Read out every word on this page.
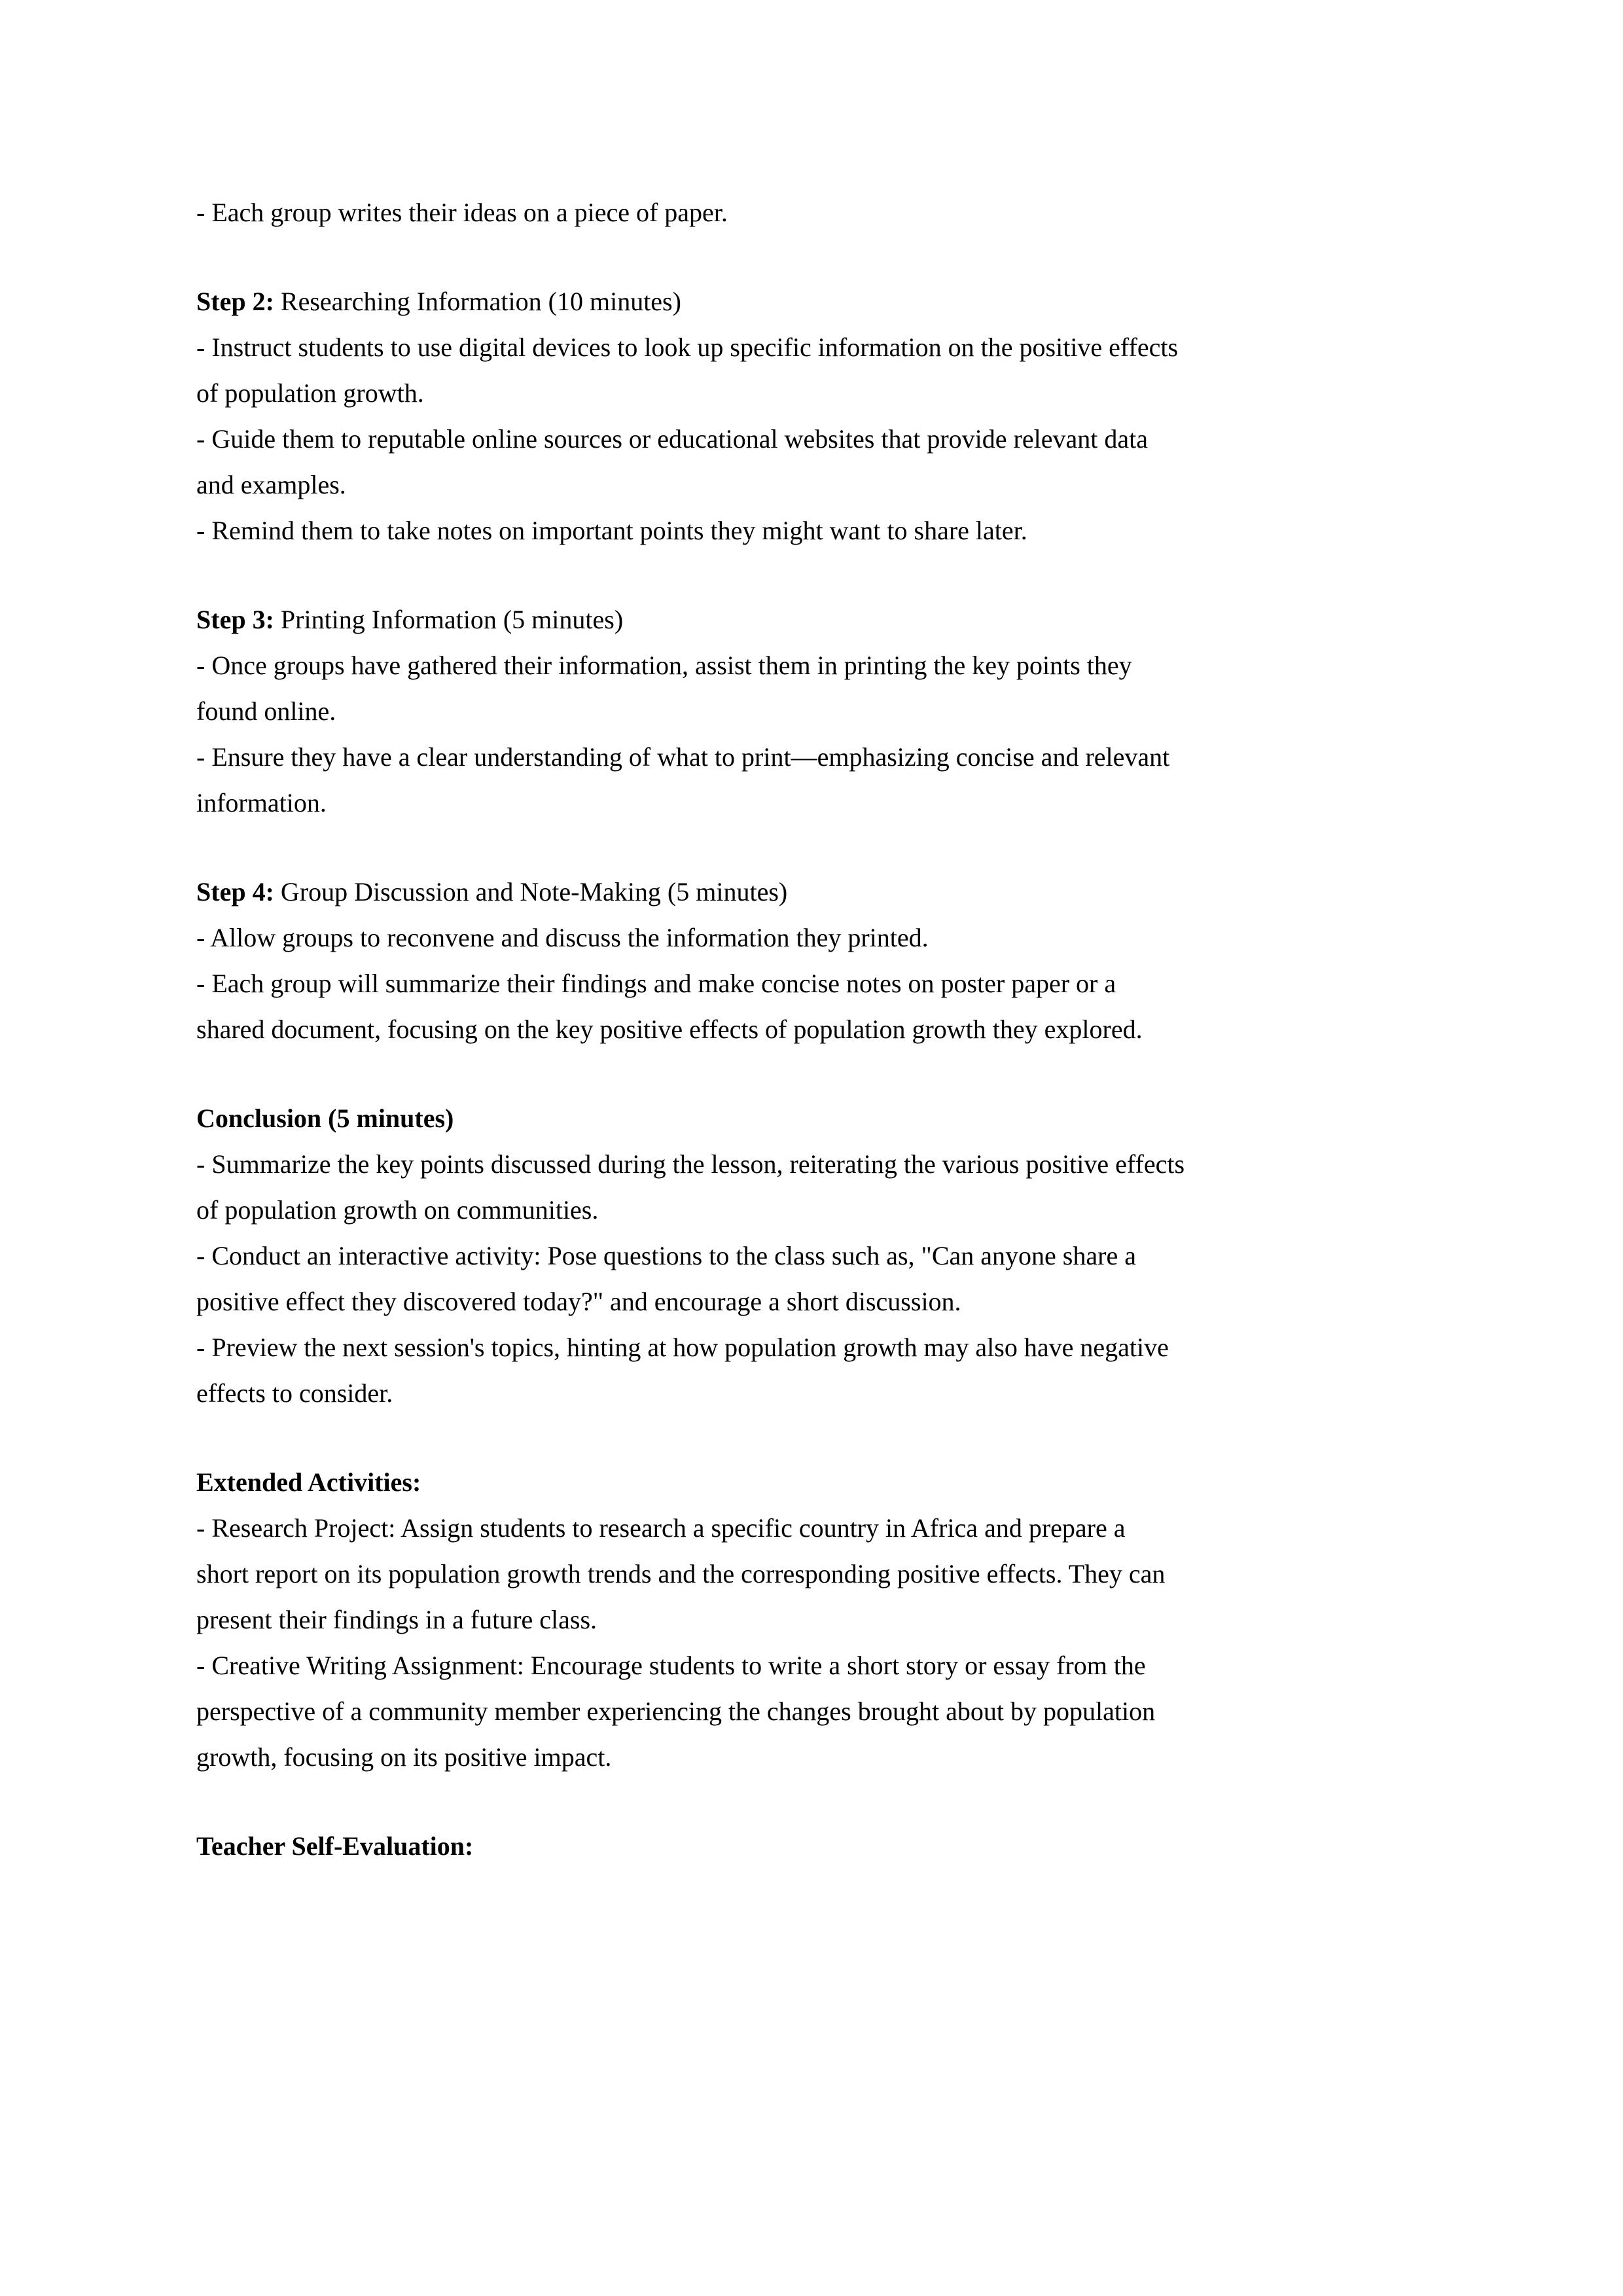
- Each group writes their ideas on a piece of paper.
Step 2: Researching Information (10 minutes)
- Instruct students to use digital devices to look up specific information on the positive effects
of population growth.
- Guide them to reputable online sources or educational websites that provide relevant data
and examples.
- Remind them to take notes on important points they might want to share later.
Step 3: Printing Information (5 minutes)
- Once groups have gathered their information, assist them in printing the key points they
found online.
- Ensure they have a clear understanding of what to print—emphasizing concise and relevant
information.
Step 4: Group Discussion and Note-Making (5 minutes)
- Allow groups to reconvene and discuss the information they printed.
- Each group will summarize their findings and make concise notes on poster paper or a
shared document, focusing on the key positive effects of population growth they explored.
Conclusion (5 minutes)
- Summarize the key points discussed during the lesson, reiterating the various positive effects
of population growth on communities.
- Conduct an interactive activity: Pose questions to the class such as, "Can anyone share a
positive effect they discovered today?" and encourage a short discussion.
- Preview the next session's topics, hinting at how population growth may also have negative
effects to consider.
Extended Activities:
- Research Project: Assign students to research a specific country in Africa and prepare a
short report on its population growth trends and the corresponding positive effects. They can
present their findings in a future class.
- Creative Writing Assignment: Encourage students to write a short story or essay from the
perspective of a community member experiencing the changes brought about by population
growth, focusing on its positive impact.
Teacher Self-Evaluation:
